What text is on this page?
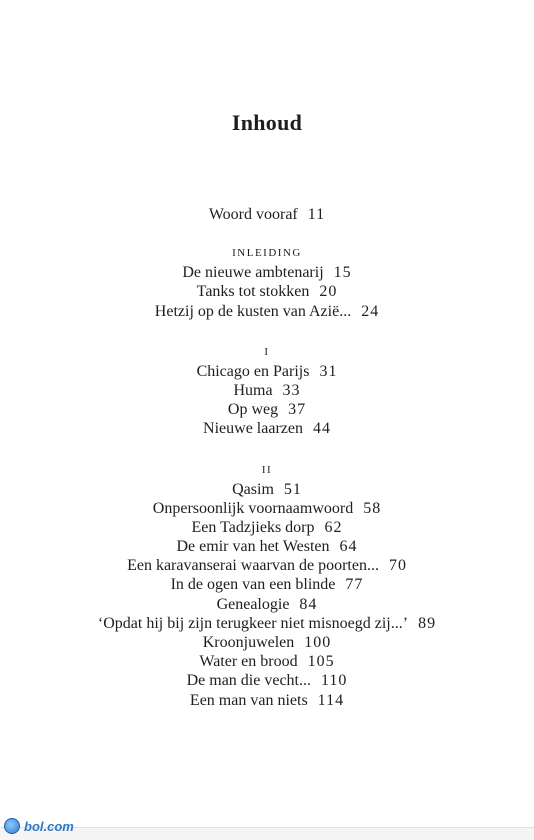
Inhoud
Woord vooraf 11
INLEIDING
De nieuwe ambtenarij 15
Tanks tot stokken 20
Hetzij op de kusten van Azië... 24
I
Chicago en Parijs 31
Huma 33
Op weg 37
Nieuwe laarzen 44
II
Qasim 51
Onpersoonlijk voornaamwoord 58
Een Tadzjieks dorp 62
De emir van het Westen 64
Een karavanserai waarvan de poorten... 70
In de ogen van een blinde 77
Genealogie 84
‘Opdat hij bij zijn terugkeer niet misnoegd zij...’ 89
Kroonjuwelen 100
Water en brood 105
De man die vecht... 110
Een man van niets 114
bol.com
